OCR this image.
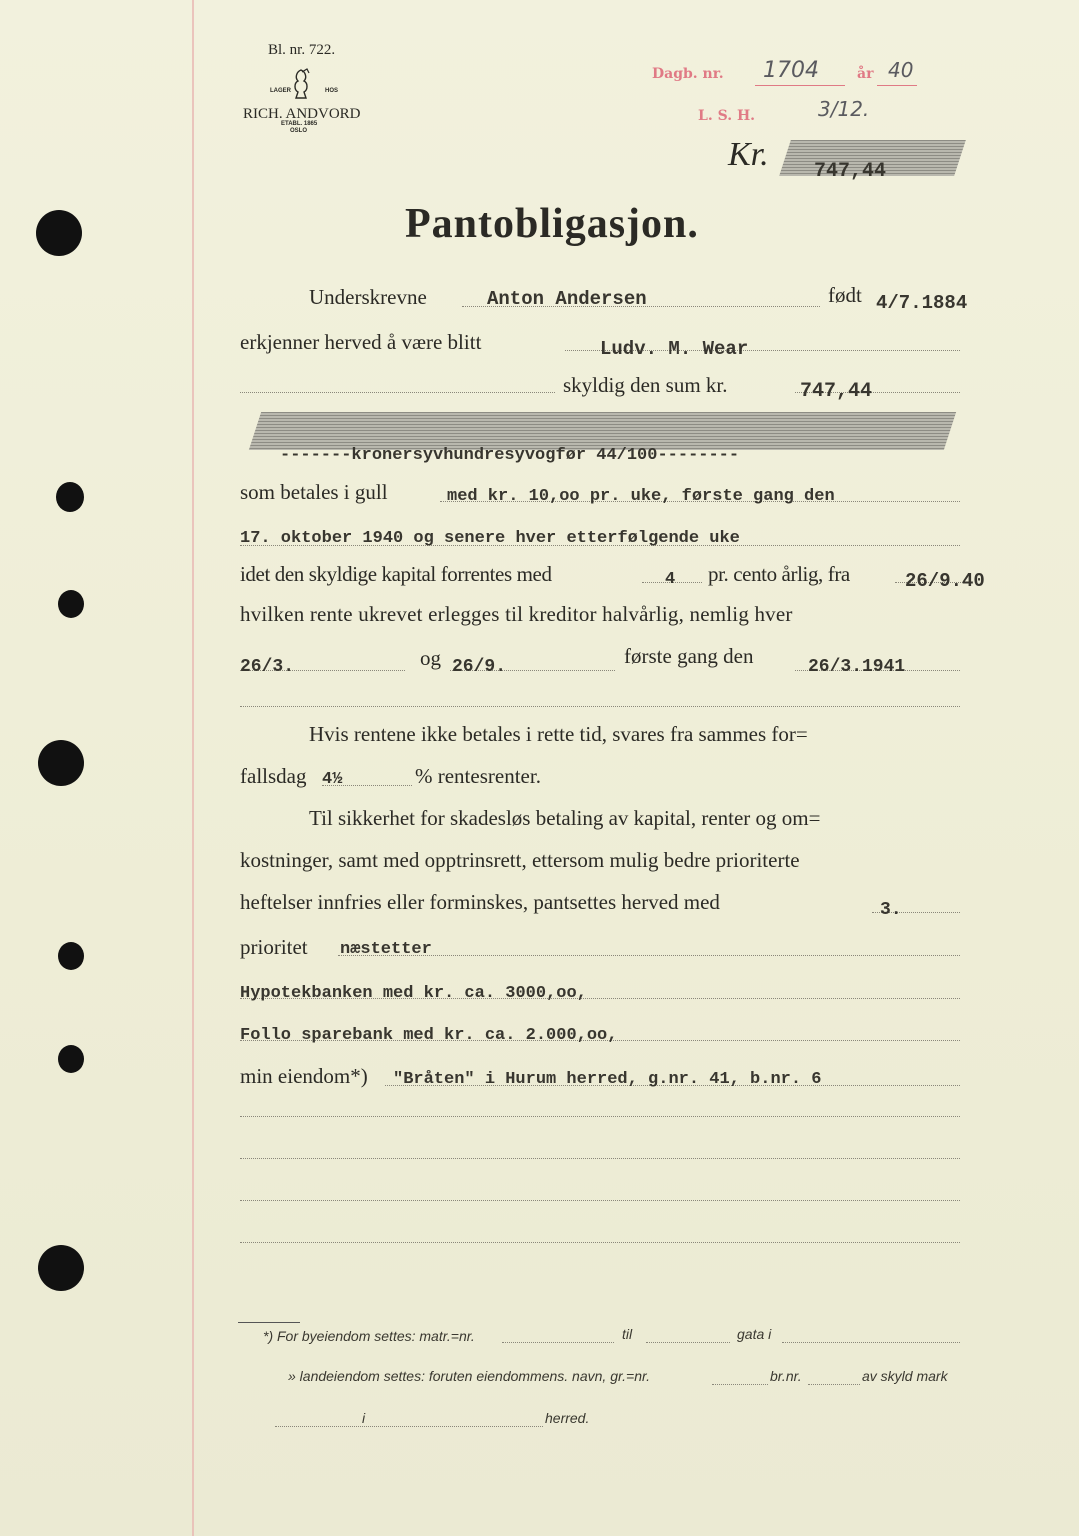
Bl. nr. 722.
LAGER	HOS
RICH. ANDVORD
ETABL. 1865
OSLO
Dagb. nr. 1704	år 40
L. S. H.	3/12.
Kr. 747,44
Pantobligasjon.
Underskrevne	Anton Andersen	født 4/7.1884
erkjenner herved å være blitt	Ludv. M. Wear
skyldig den sum kr.	747,44
-------kronersyvhundresyvogfør 44/100--------
som betales i gull	med kr. 10,oo pr. uke, første gang den
17. oktober 1940 og senere hver etterfølgende uke
idet den skyldige kapital forrentes med	4 pr. cento årlig, fra	26/9.40
hvilken rente ukrevet erlegges til kreditor halvårlig, nemlig hver
26/3.	og 26/9.	første gang den	26/3.1941
Hvis rentene ikke betales i rette tid, svares fra sammes for=
fallsdag 4½	% rentesrenter.
Til sikkerhet for skadesløs betaling av kapital, renter og om=
kostninger, samt med opptrinsrett, ettersom mulig bedre prioriterte
heftelser innfries eller forminskes, pantsettes herved med	3.
prioritet næstetter
Hypotekbanken med kr. ca. 3000,oo,
Follo sparebank med kr. ca. 2.000,oo,
min eiendom*) "Bråten" i Hurum herred, g.nr. 41, b.nr. 6
*) For byeiendom settes: matr.=nr.	til	gata i
» landeiendom settes: foruten eiendommens. navn, gr.=nr.	br.nr.	av skyld mark
i	herred.
